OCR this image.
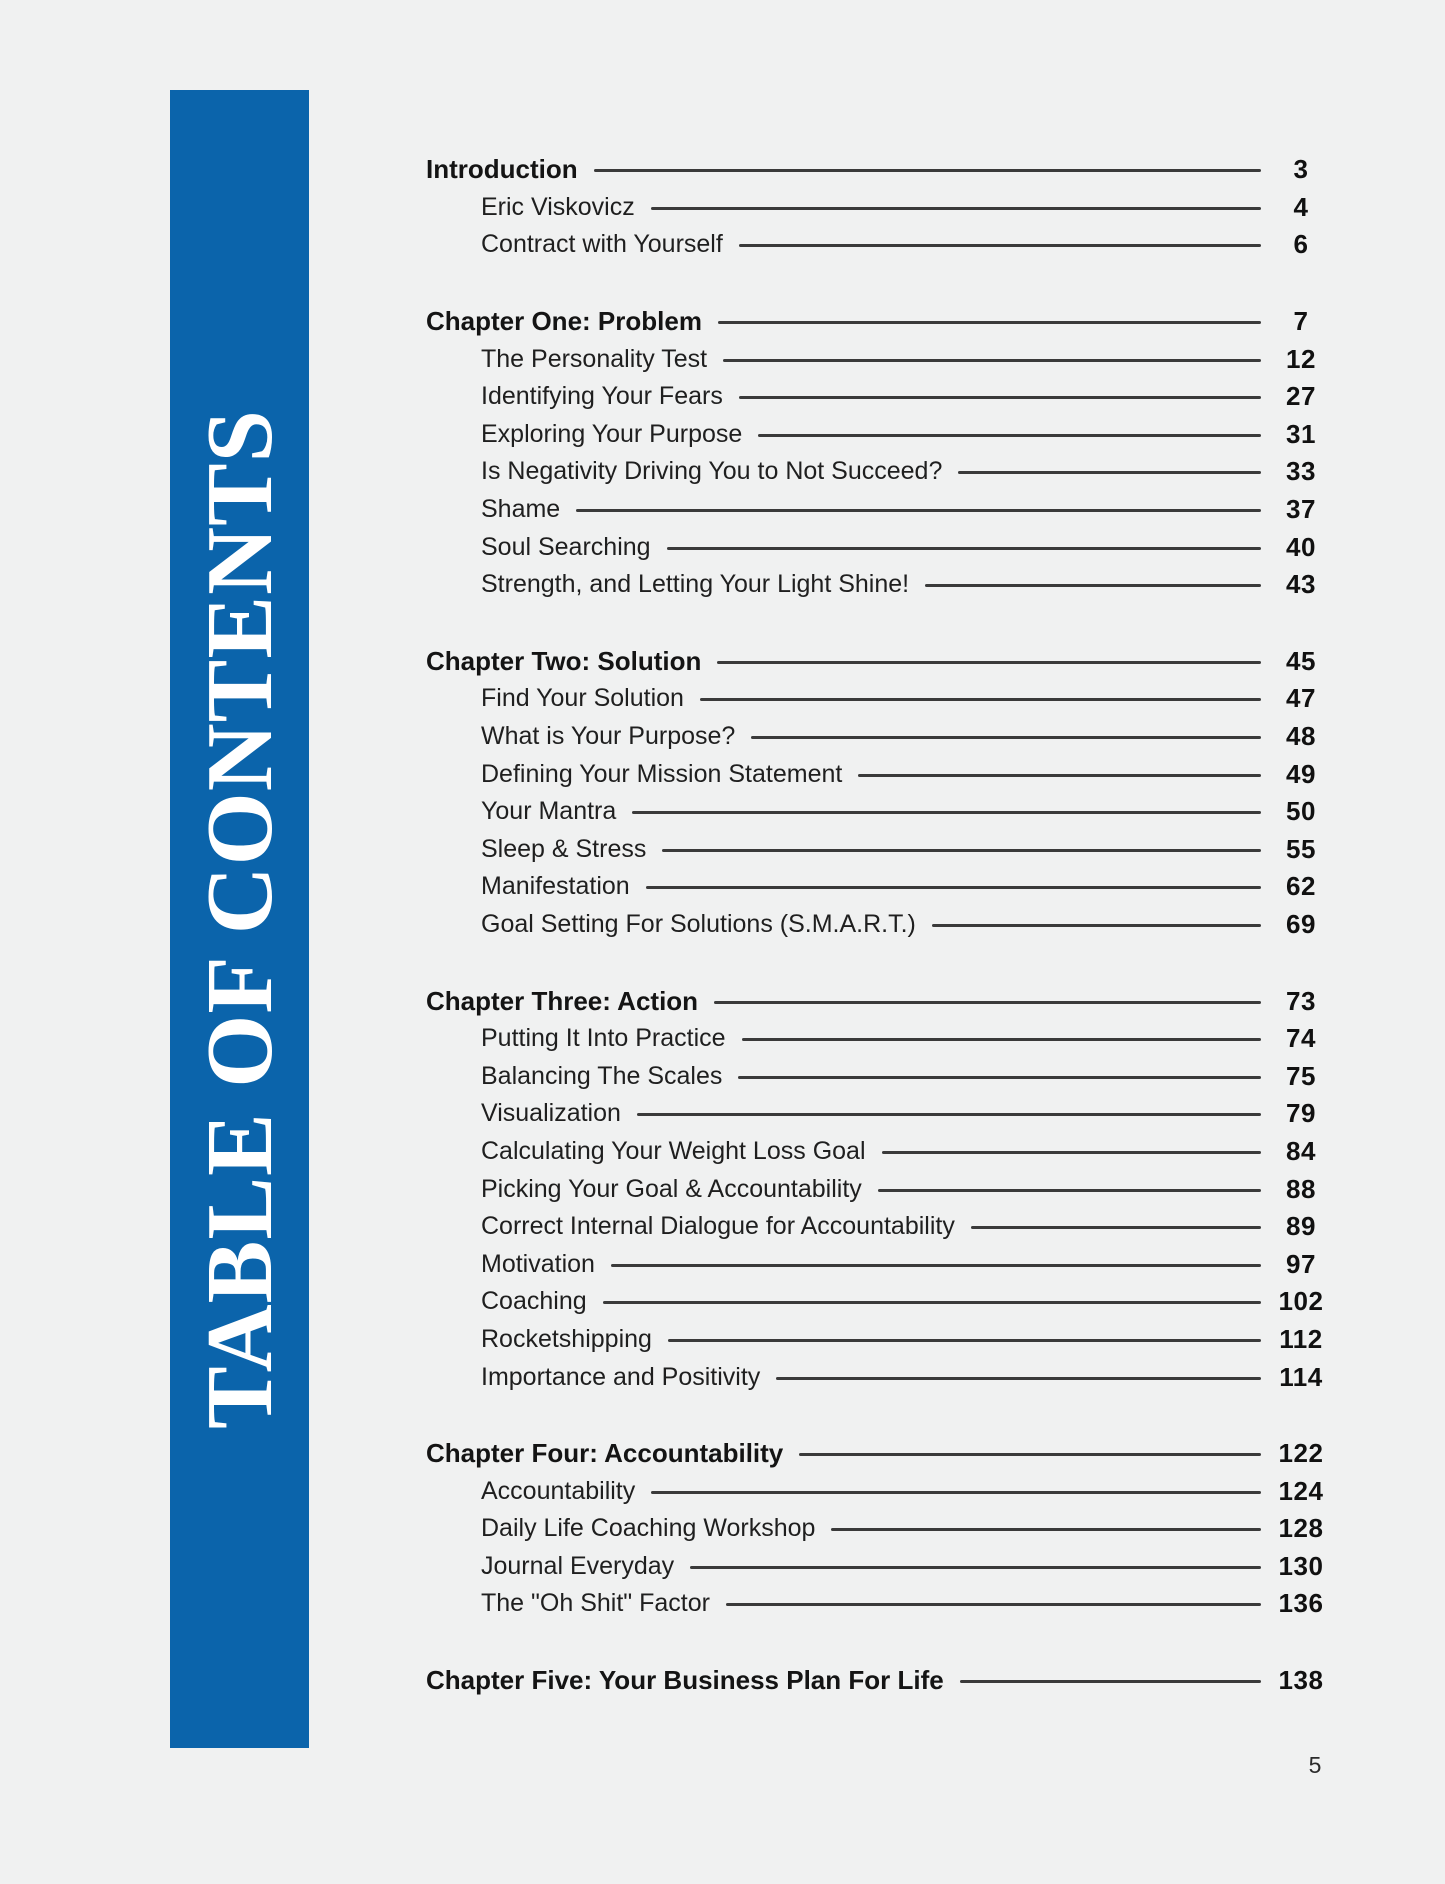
TABLE OF CONTENTS
Introduction	3
Eric Viskovicz	4
Contract with Yourself	6
Chapter One: Problem	7
The Personality Test	12
Identifying Your Fears	27
Exploring Your Purpose	31
Is Negativity Driving You to Not Succeed?	33
Shame	37
Soul Searching	40
Strength, and Letting Your Light Shine!	43
Chapter Two: Solution	45
Find Your Solution	47
What is Your Purpose?	48
Defining Your Mission Statement	49
Your Mantra	50
Sleep & Stress	55
Manifestation	62
Goal Setting For Solutions (S.M.A.R.T.)	69
Chapter Three: Action	73
Putting It Into Practice	74
Balancing The Scales	75
Visualization	79
Calculating Your Weight Loss Goal	84
Picking Your Goal & Accountability	88
Correct Internal Dialogue for Accountability	89
Motivation	97
Coaching	102
Rocketshipping	112
Importance and Positivity	114
Chapter Four: Accountability	122
Accountability	124
Daily Life Coaching Workshop	128
Journal Everyday	130
The "Oh Shit" Factor	136
Chapter Five: Your Business Plan For Life	138
5
